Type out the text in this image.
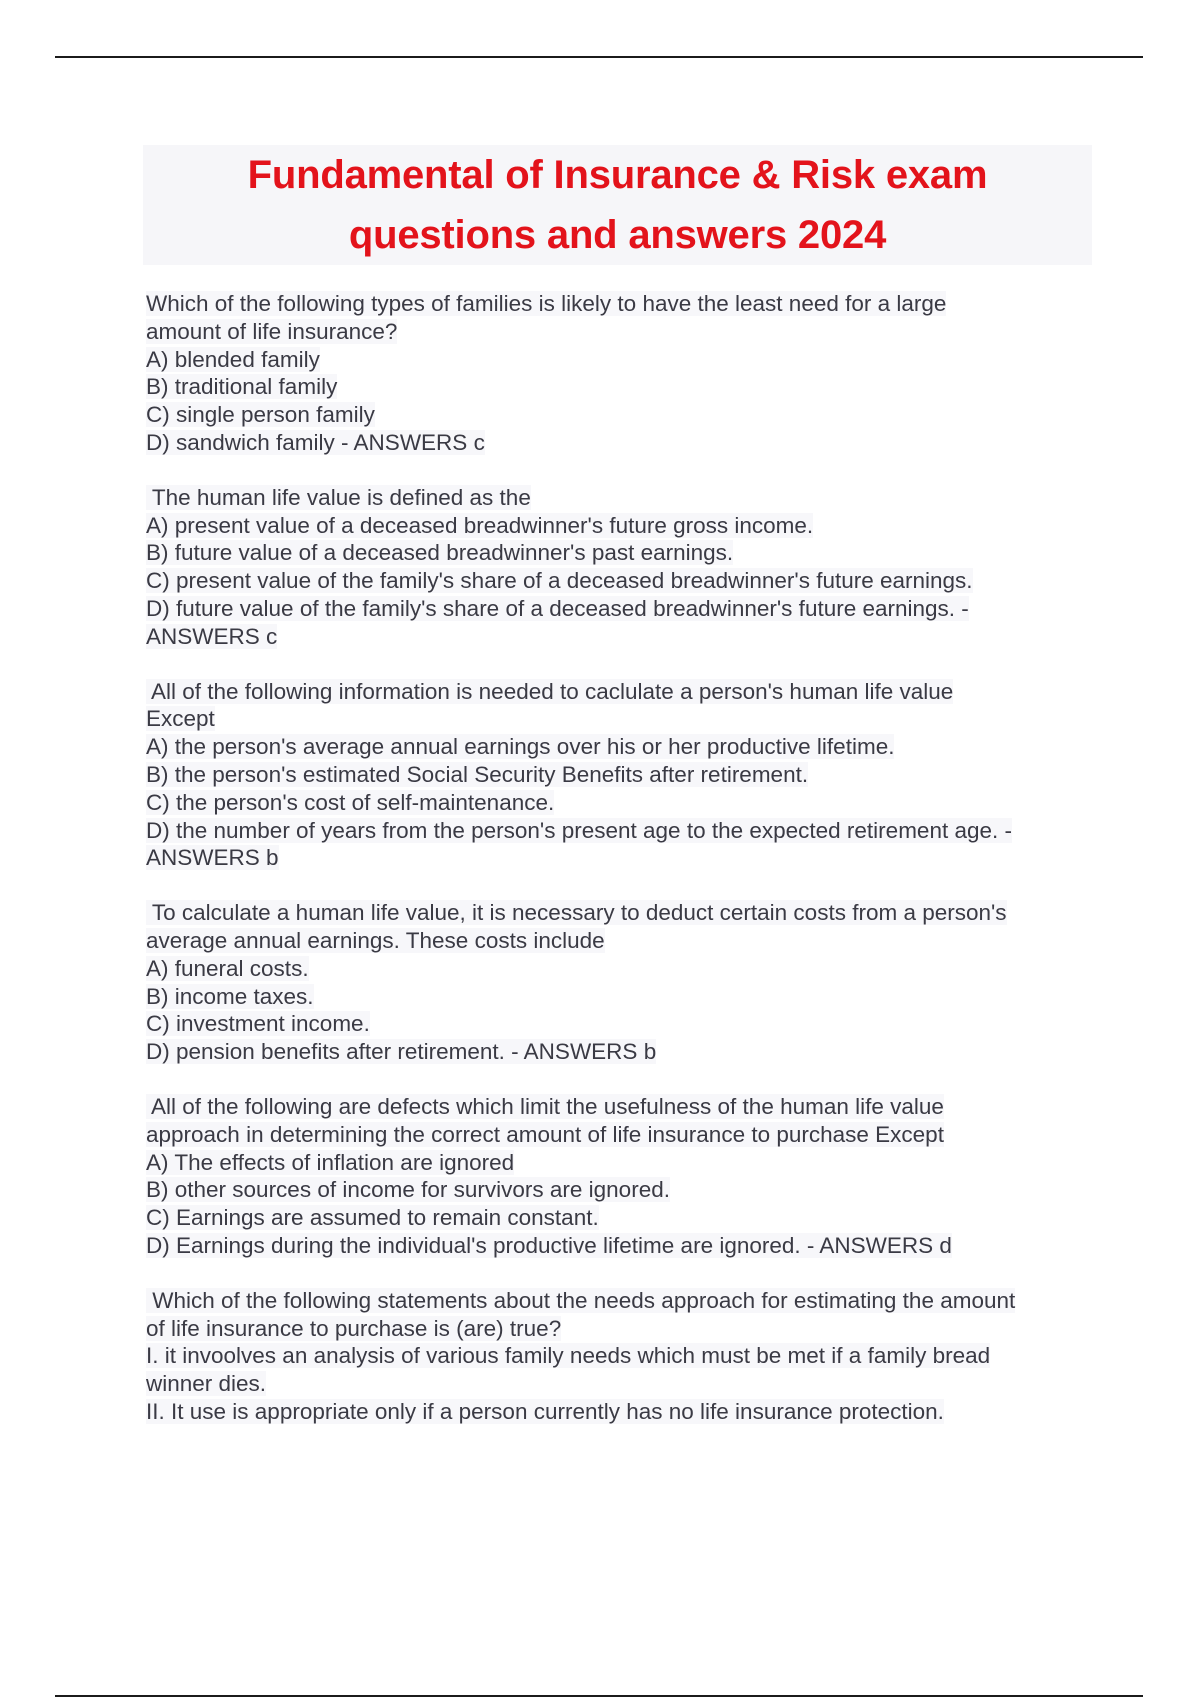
Fundamental of Insurance & Risk exam
questions and answers 2024
Which of the following types of families is likely to have the least need for a large
amount of life insurance?
A) blended family
B) traditional family
C) single person family
D) sandwich family - ANSWERS c
The human life value is defined as the
A) present value of a deceased breadwinner's future gross income.
B) future value of a deceased breadwinner's past earnings.
C) present value of the family's share of a deceased breadwinner's future earnings.
D) future value of the family's share of a deceased breadwinner's future earnings. -
ANSWERS c
All of the following information is needed to caclulate a person's human life value
Except
A) the person's average annual earnings over his or her productive lifetime.
B) the person's estimated Social Security Benefits after retirement.
C) the person's cost of self-maintenance.
D) the number of years from the person's present age to the expected retirement age. -
ANSWERS b
To calculate a human life value, it is necessary to deduct certain costs from a person's
average annual earnings. These costs include
A) funeral costs.
B) income taxes.
C) investment income.
D) pension benefits after retirement. - ANSWERS b
All of the following are defects which limit the usefulness of the human life value
approach in determining the correct amount of life insurance to purchase Except
A) The effects of inflation are ignored
B) other sources of income for survivors are ignored.
C) Earnings are assumed to remain constant.
D) Earnings during the individual's productive lifetime are ignored. - ANSWERS d
Which of the following statements about the needs approach for estimating the amount
of life insurance to purchase is (are) true?
I. it invoolves an analysis of various family needs which must be met if a family bread
winner dies.
II. It use is appropriate only if a person currently has no life insurance protection.
